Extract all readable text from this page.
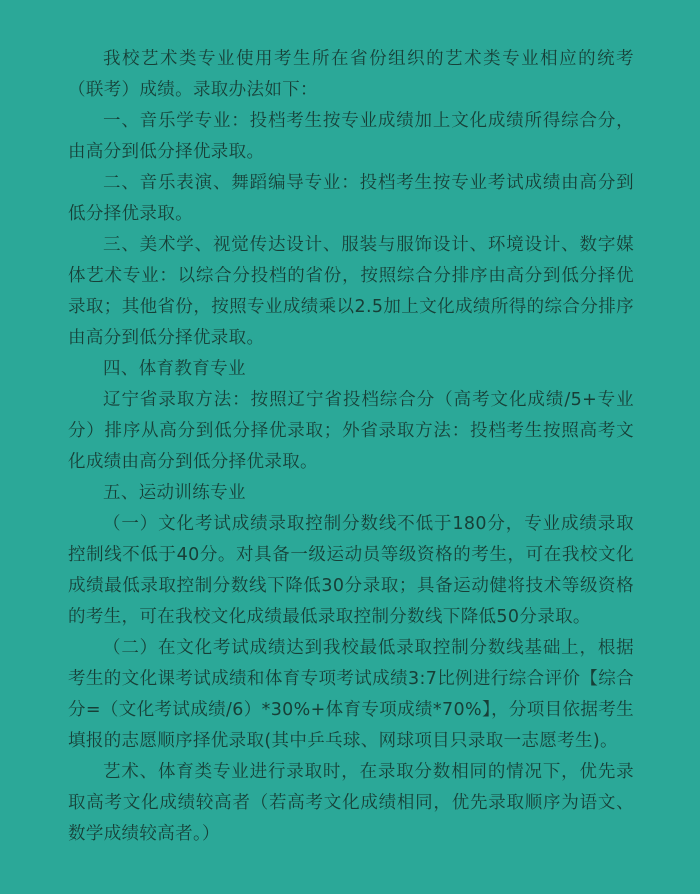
我校艺术类专业使用考生所在省份组织的艺术类专业相应的统考（联考）成绩。录取办法如下：

一、音乐学专业：投档考生按专业成绩加上文化成绩所得综合分，由高分到低分择优录取。

二、音乐表演、舞蹈编导专业：投档考生按专业考试成绩由高分到低分择优录取。

三、美术学、视觉传达设计、服装与服饰设计、环境设计、数字媒体艺术专业：以综合分投档的省份，按照综合分排序由高分到低分择优录取；其他省份，按照专业成绩乘以2.5加上文化成绩所得的综合分排序由高分到低分择优录取。

四、体育教育专业

辽宁省录取方法：按照辽宁省投档综合分（高考文化成绩/5+专业分）排序从高分到低分择优录取；外省录取方法：投档考生按照高考文化成绩由高分到低分择优录取。

五、运动训练专业

（一）文化考试成绩录取控制分数线不低于180分，专业成绩录取控制线不低于40分。对具备一级运动员等级资格的考生，可在我校文化成绩最低录取控制分数线下降低30分录取；具备运动健将技术等级资格的考生，可在我校文化成绩最低录取控制分数线下降低50分录取。

（二）在文化考试成绩达到我校最低录取控制分数线基础上，根据考生的文化课考试成绩和体育专项考试成绩3:7比例进行综合评价【综合分=（文化考试成绩/6）*30%+体育专项成绩*70%】，分项目依据考生填报的志愿顺序择优录取(其中乒乓球、网球项目只录取一志愿考生)。

艺术、体育类专业进行录取时，在录取分数相同的情况下，优先录取高考文化成绩较高者（若高考文化成绩相同，优先录取顺序为语文、数学成绩较高者。）
